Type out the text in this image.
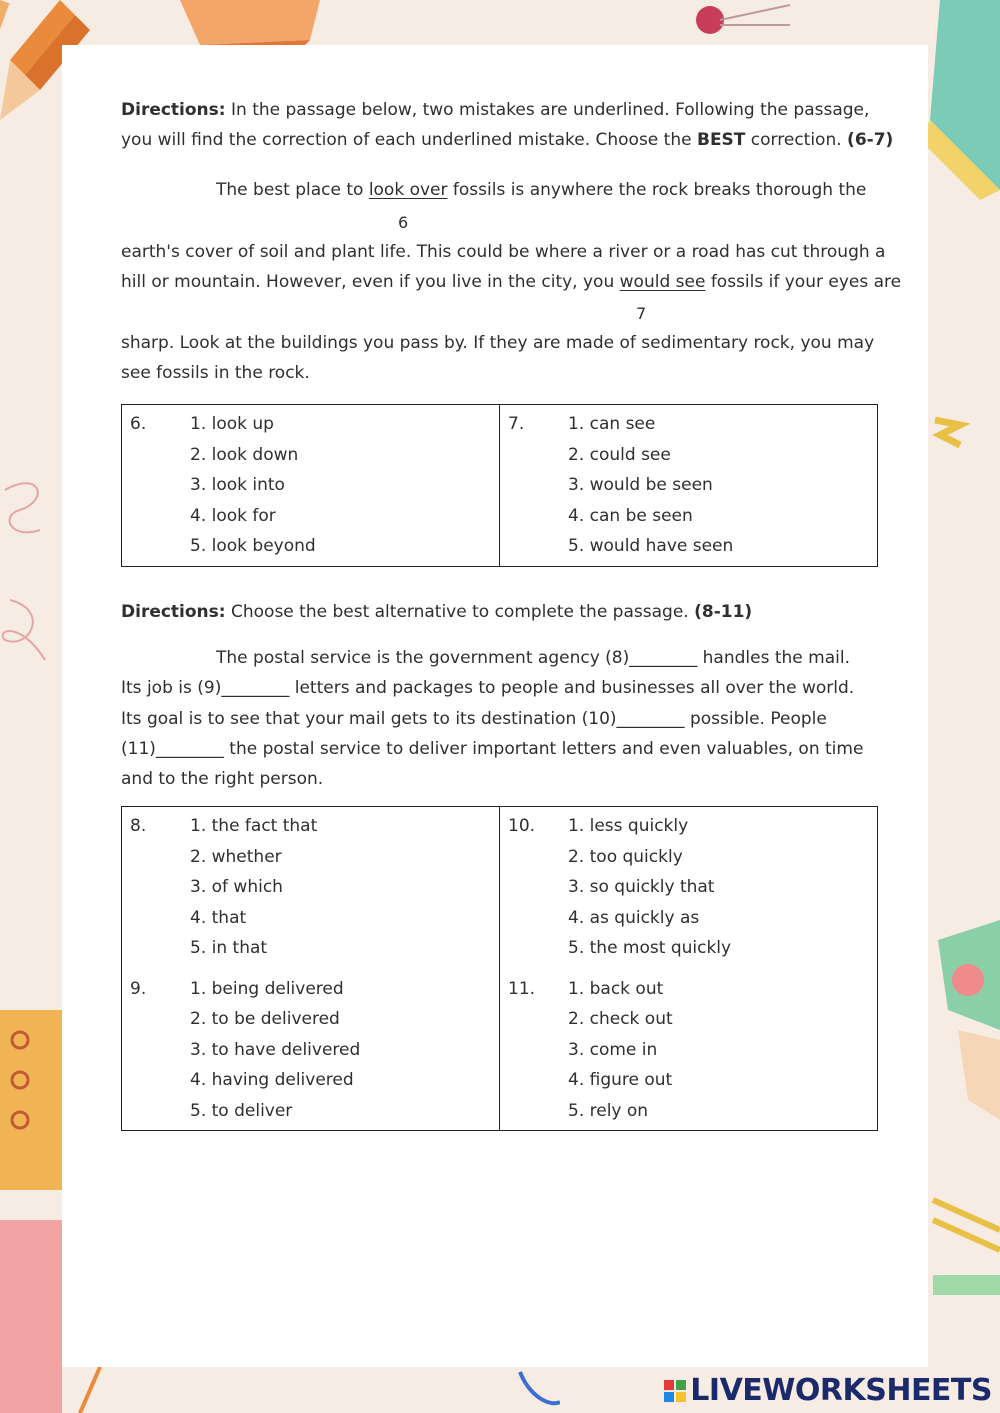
Directions: In the passage below, two mistakes are underlined. Following the passage,
you will find the correction of each underlined mistake. Choose the BEST correction. (6-7)
The best place to look over fossils is anywhere the rock breaks thorough the
6
earth's cover of soil and plant life. This could be where a river or a road has cut through a
hill or mountain. However, even if you live in the city, you would see fossils if your eyes are
7
sharp. Look at the buildings you pass by. If they are made of sedimentary rock, you may
see fossils in the rock.
6.	1. look up
2. look down
3. look into
4. look for
5. look beyond

7.	1. can see
2. could see
3. would be seen
4. can be seen
5. would have seen
Directions: Choose the best alternative to complete the passage. (8-11)
The postal service is the government agency (8)________ handles the mail.
Its job is (9)________ letters and packages to people and businesses all over the world.
Its goal is to see that your mail gets to its destination (10)________ possible. People
(11)________ the postal service to deliver important letters and even valuables, on time
and to the right person.
8.	1. the fact that
2. whether
3. of which
4. that
5. in that
9.	1. being delivered
2. to be delivered
3. to have delivered
4. having delivered
5. to deliver

10. 1. less quickly
2. too quickly
3. so quickly that
4. as quickly as
5. the most quickly
11. 1. back out
2. check out
3. come in
4. figure out
5. rely on
LIVEWORKSHEETS
